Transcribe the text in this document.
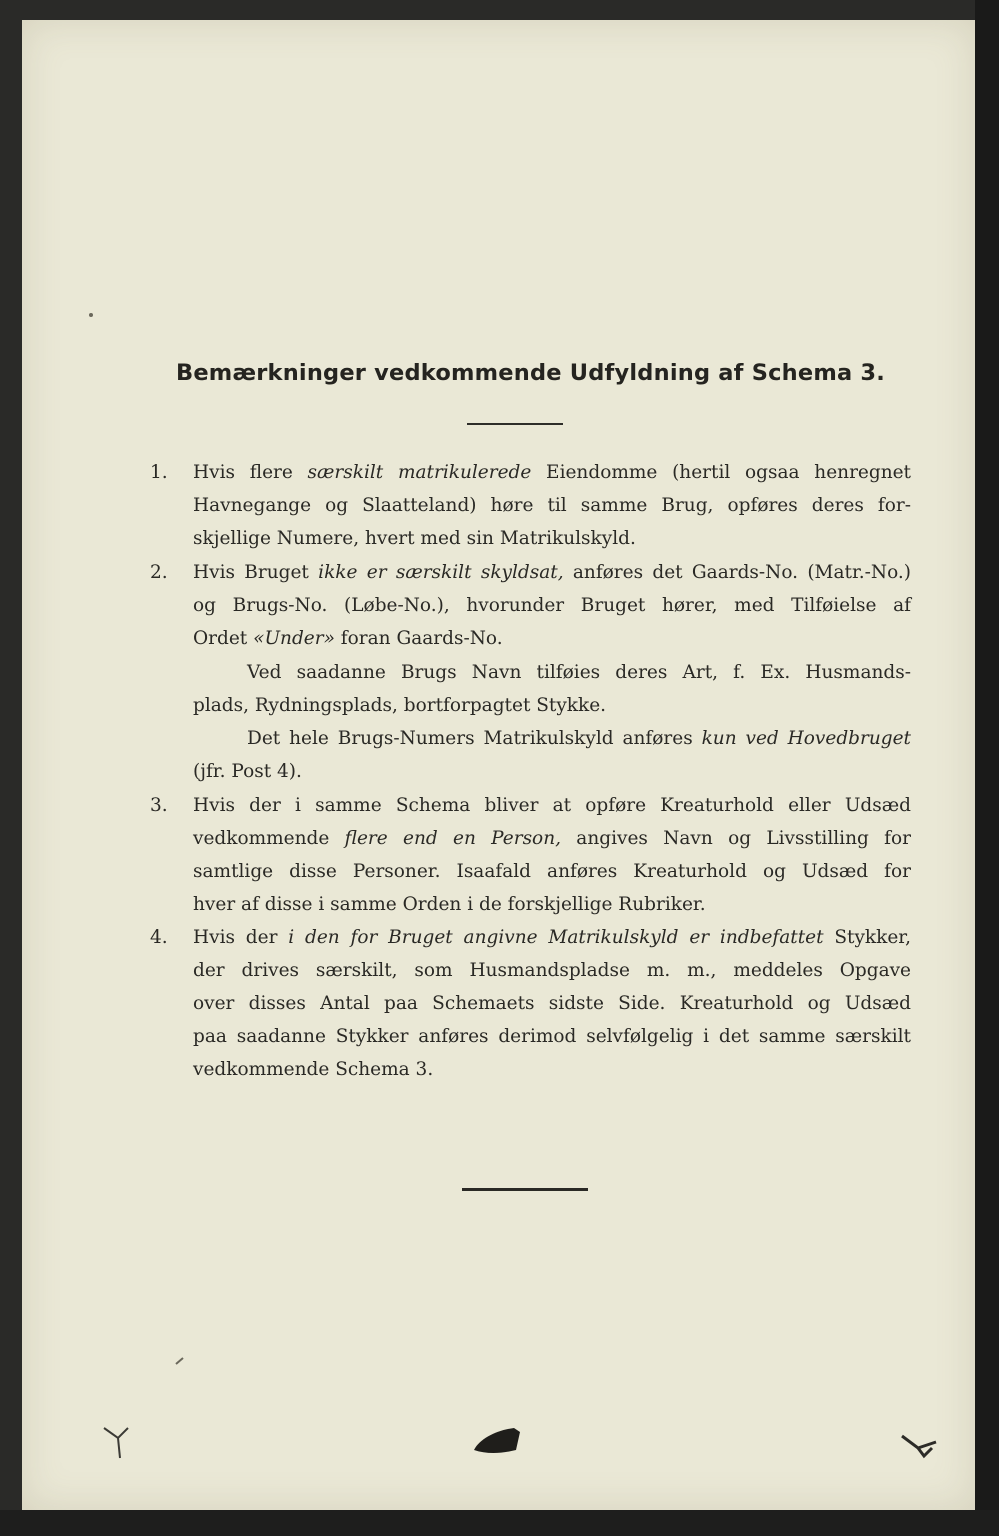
Bemærkninger vedkommende Udfyldning af Schema 3.
1. Hvis flere særskilt matrikulerede Eiendomme (hertil ogsaa henregnet
Havnegange og Slaatteland) høre til samme Brug, opføres deres for-
skjellige Numere, hvert med sin Matrikulskyld.
2. Hvis Bruget ikke er særskilt skyldsat, anføres det Gaards-No. (Matr.-No.)
og Brugs-No. (Løbe-No.), hvorunder Bruget hører, med Tilføielse af
Ordet «Under» foran Gaards-No.
Ved saadanne Brugs Navn tilføies deres Art, f. Ex. Husmands-
plads, Rydningsplads, bortforpagtet Stykke.
Det hele Brugs-Numers Matrikulskyld anføres kun ved Hovedbruget
(jfr. Post 4).
3. Hvis der i samme Schema bliver at opføre Kreaturhold eller Udsæd
vedkommende flere end en Person, angives Navn og Livsstilling for
samtlige disse Personer. Isaafald anføres Kreaturhold og Udsæd for
hver af disse i samme Orden i de forskjellige Rubriker.
4. Hvis der i den for Bruget angivne Matrikulskyld er indbefattet Stykker,
der drives særskilt, som Husmandspladse m. m., meddeles Opgave
over disses Antal paa Schemaets sidste Side. Kreaturhold og Udsæd
paa saadanne Stykker anføres derimod selvfølgelig i det samme særskilt
vedkommende Schema 3.
